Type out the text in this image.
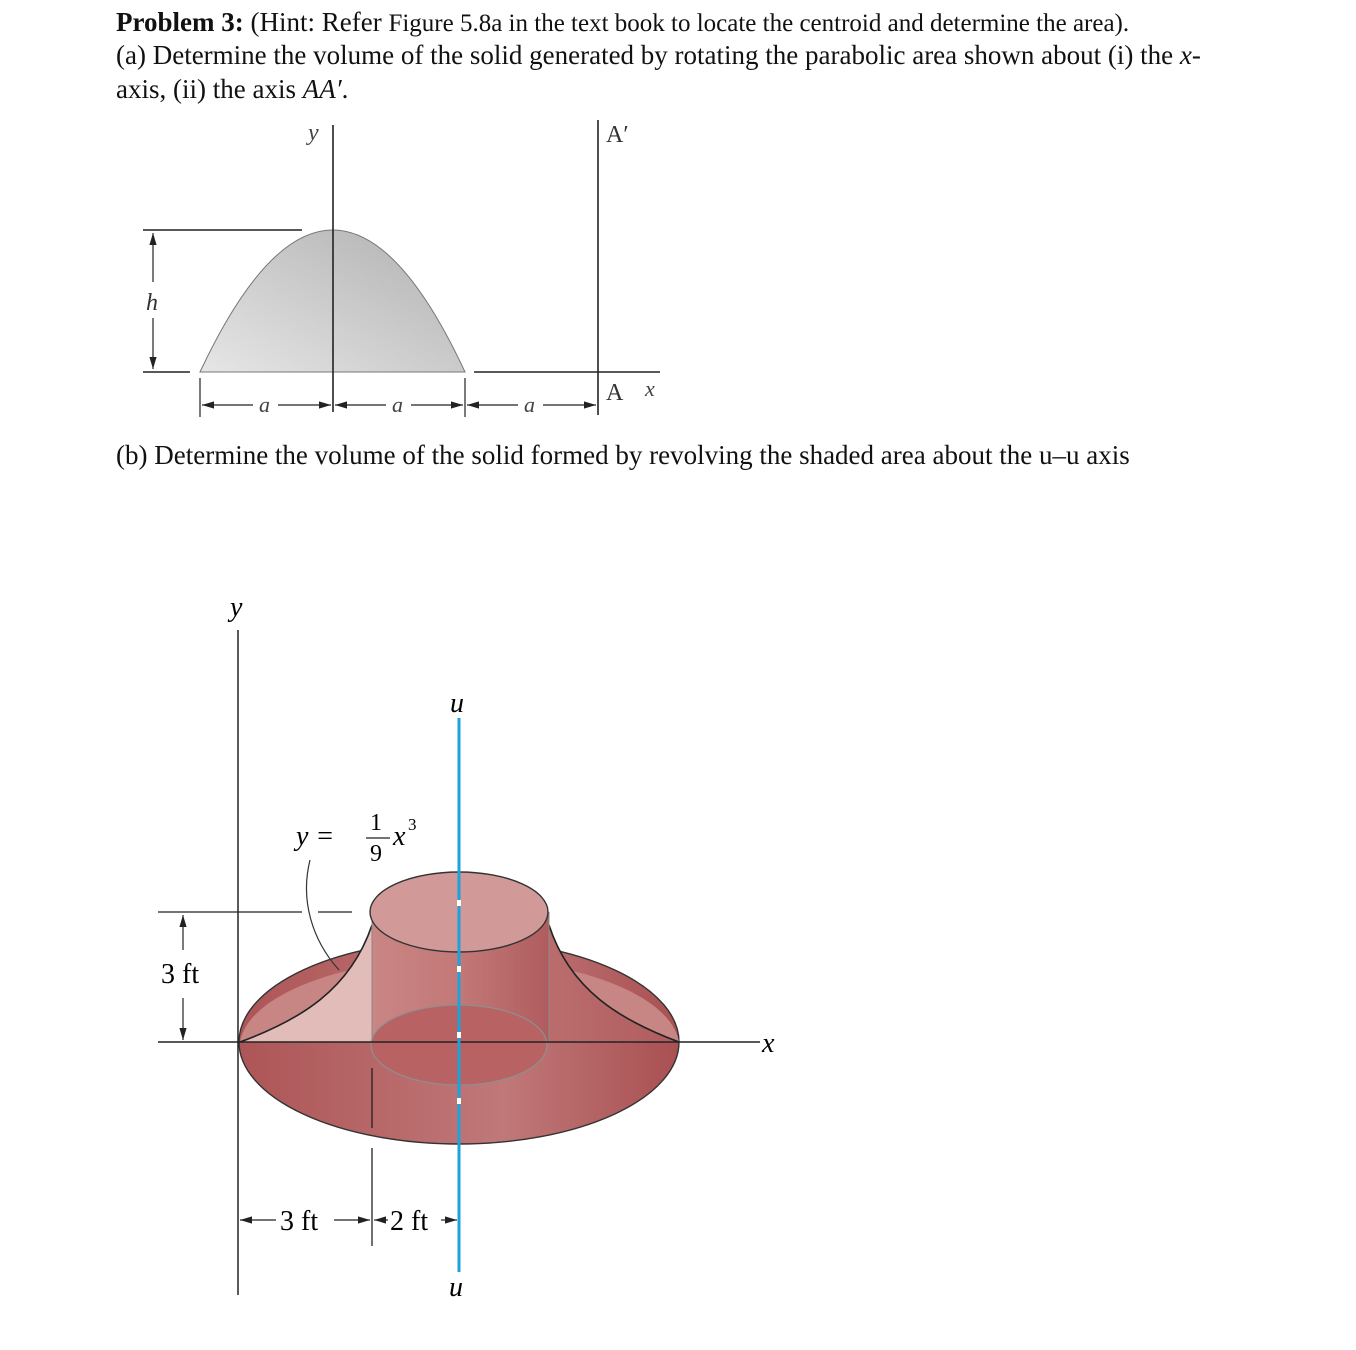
Problem 3: (Hint: Refer Figure 5.8a in the text book to locate the centroid and determine the area).
(a) Determine the volume of the solid generated by rotating the parabolic area shown about (i) the x-
axis, (ii) the axis AA′.
(b) Determine the volume of the solid formed by revolving the shaded area about the u–u axis
y	A′
A x
h
a	a	a
y
x
u
u
y = 1
9
x 3
3 ft
3 ft	2 ft
